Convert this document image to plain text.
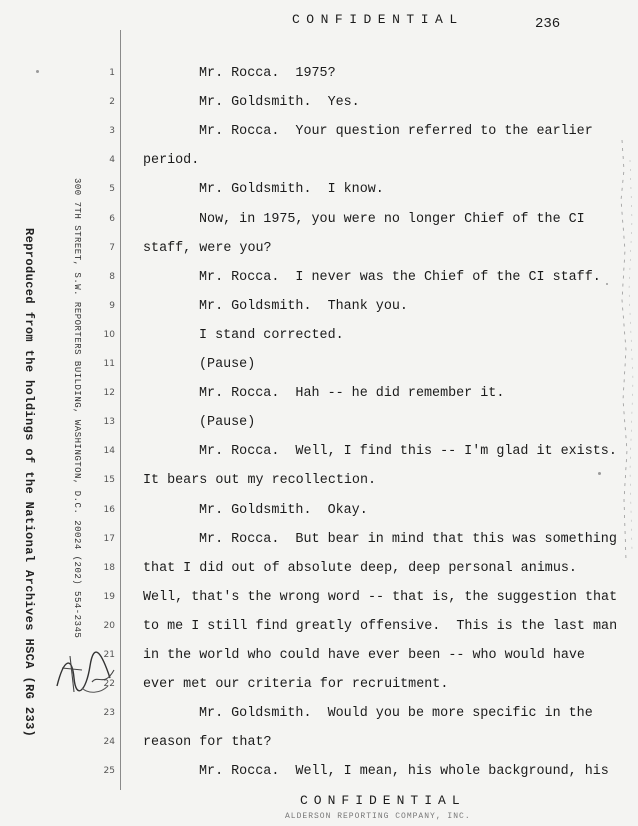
CONFIDENTIAL	236
Reproduced from the holdings of the National Archives HSCA (RG 233)	300 7TH STREET, S.W. REPORTERS BUILDING, WASHINGTON, D.C. 20024 (202) 554-2345
1
2
3
4
5
6
7
8
9
10
11
12
13
14
15
16
17
18
19
20
21
22
23
24
25
Mr. Rocca.  1975?
Mr. Goldsmith.  Yes.
Mr. Rocca.  Your question referred to the earlier
period.
Mr. Goldsmith.  I know.
Now, in 1975, you were no longer Chief of the CI
staff, were you?
Mr. Rocca.  I never was the Chief of the CI staff.
Mr. Goldsmith.  Thank you.
I stand corrected.
(Pause)
Mr. Rocca.  Hah -- he did remember it.
(Pause)
Mr. Rocca.  Well, I find this -- I'm glad it exists.
It bears out my recollection.
Mr. Goldsmith.  Okay.
Mr. Rocca.  But bear in mind that this was something
that I did out of absolute deep, deep personal animus.
Well, that's the wrong word -- that is, the suggestion that
to me I still find greatly offensive.  This is the last man
in the world who could have ever been -- who would have
ever met our criteria for recruitment.
Mr. Goldsmith.  Would you be more specific in the
reason for that?
Mr. Rocca.  Well, I mean, his whole background, his
CONFIDENTIAL
ALDERSON REPORTING COMPANY, INC.
